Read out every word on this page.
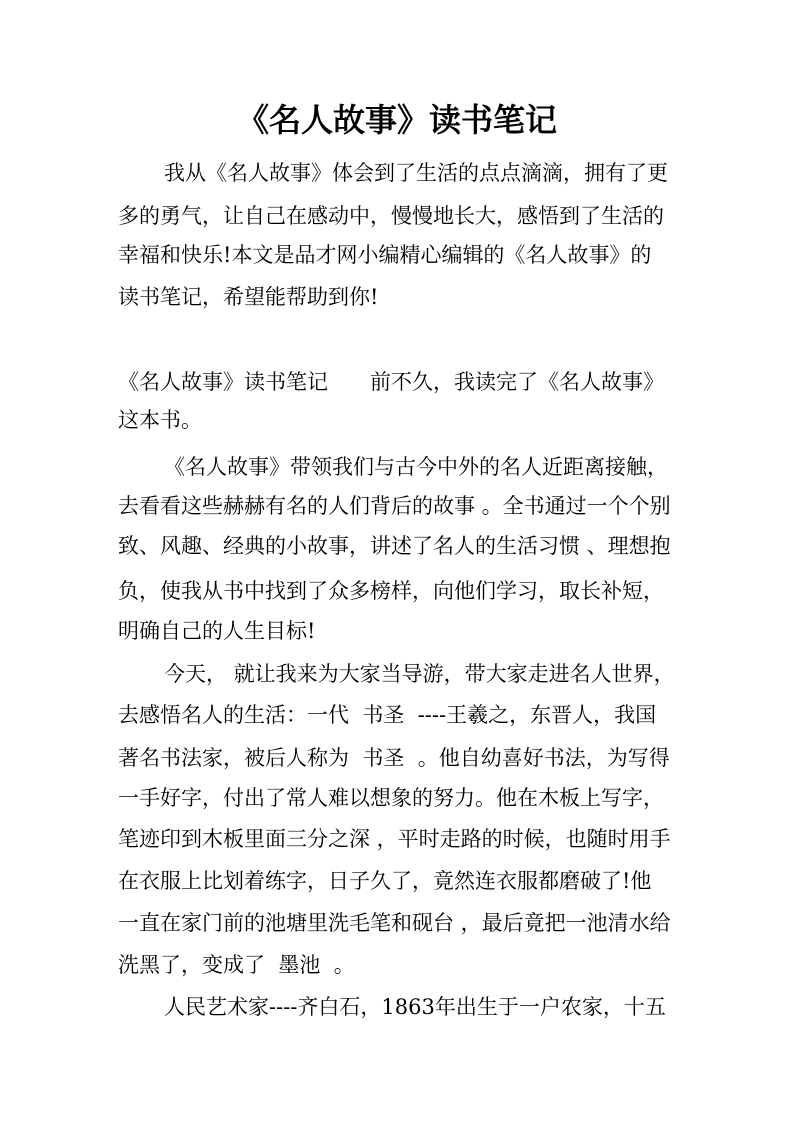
《名人故事》读书笔记
我从《名人故事》体会到了生活的点点滴滴，拥有了更
多的勇气，让自己在感动中，慢慢地长大，感悟到了生活的
幸福和快乐!本文是品才网小编精心编辑的《名人故事》的
读书笔记，希望能帮助到你!
《名人故事》读书笔记　　前不久，我读完了《名人故事》
这本书。
《名人故事》带领我们与古今中外的名人近距离接触，
去看看这些赫赫有名的人们背后的故事 。全书通过一个个别
致、风趣、经典的小故事，讲述了名人的生活习惯 、理想抱
负，使我从书中找到了众多榜样，向他们学习，取长补短，
明确自己的人生目标!
今天， 就让我来为大家当导游，带大家走进名人世界，
去感悟名人的生活：一代  书圣  ----王羲之，东晋人，我国
著名书法家，被后人称为  书圣  。他自幼喜好书法，为写得
一手好字，付出了常人难以想象的努力。他在木板上写字，
笔迹印到木板里面三分之深 ，平时走路的时候，也随时用手
在衣服上比划着练字，日子久了，竟然连衣服都磨破了!他
一直在家门前的池塘里洗毛笔和砚台 ，最后竟把一池清水给
洗黑了，变成了  墨池  。
人民艺术家----齐白石，1863年出生于一户农家，十五
